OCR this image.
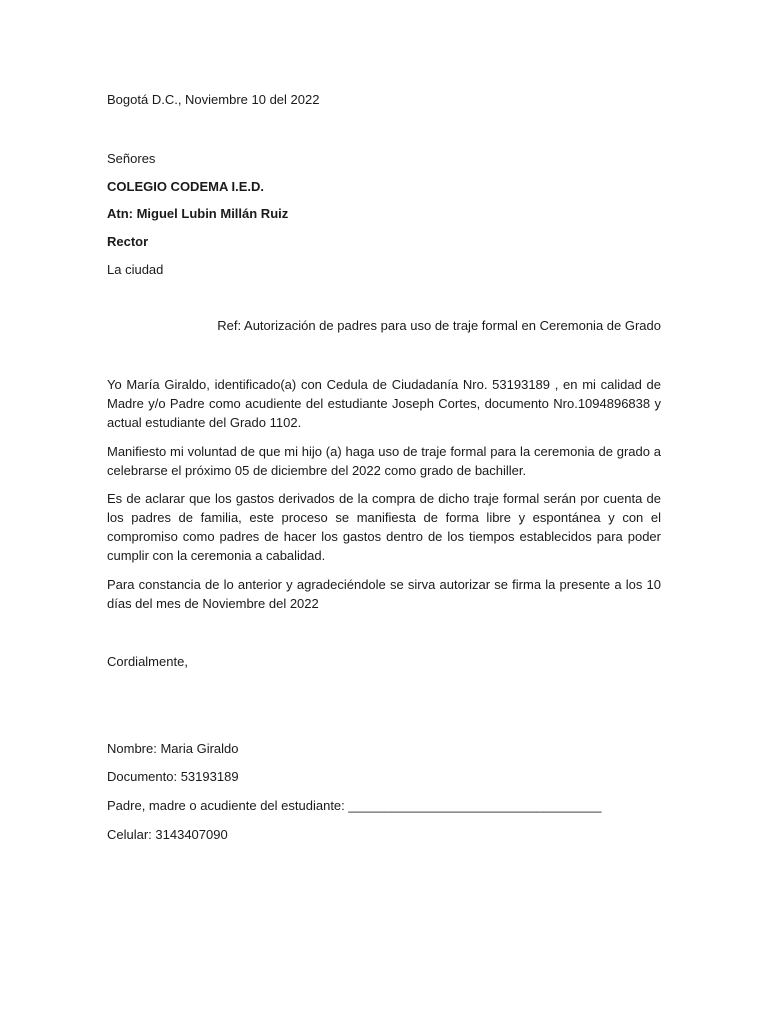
Bogotá D.C., Noviembre 10 del 2022
Señores
COLEGIO CODEMA I.E.D.
Atn: Miguel Lubin Millán Ruiz
Rector
La ciudad
Ref: Autorización de padres para uso de traje formal en Ceremonia de Grado
Yo María Giraldo, identificado(a) con Cedula de Ciudadanía Nro. 53193189 , en mi calidad de Madre y/o Padre como acudiente del estudiante Joseph Cortes, documento Nro.1094896838 y actual estudiante del Grado 1102.
Manifiesto mi voluntad de que mi hijo (a) haga uso de traje formal para la ceremonia de grado a celebrarse el próximo 05 de diciembre del 2022 como grado de bachiller.
Es de aclarar que los gastos derivados de la compra de dicho traje formal serán por cuenta de los padres de familia, este proceso se manifiesta de forma libre y espontánea y con el compromiso como padres de hacer los gastos dentro de los tiempos establecidos para poder cumplir con la ceremonia a cabalidad.
Para constancia de lo anterior y agradeciéndole se sirva autorizar se firma la presente a los 10 días del mes de Noviembre del 2022
Cordialmente,
Nombre: Maria Giraldo
Documento: 53193189
Padre, madre o acudiente del estudiante: ___________________________________
Celular: 3143407090
